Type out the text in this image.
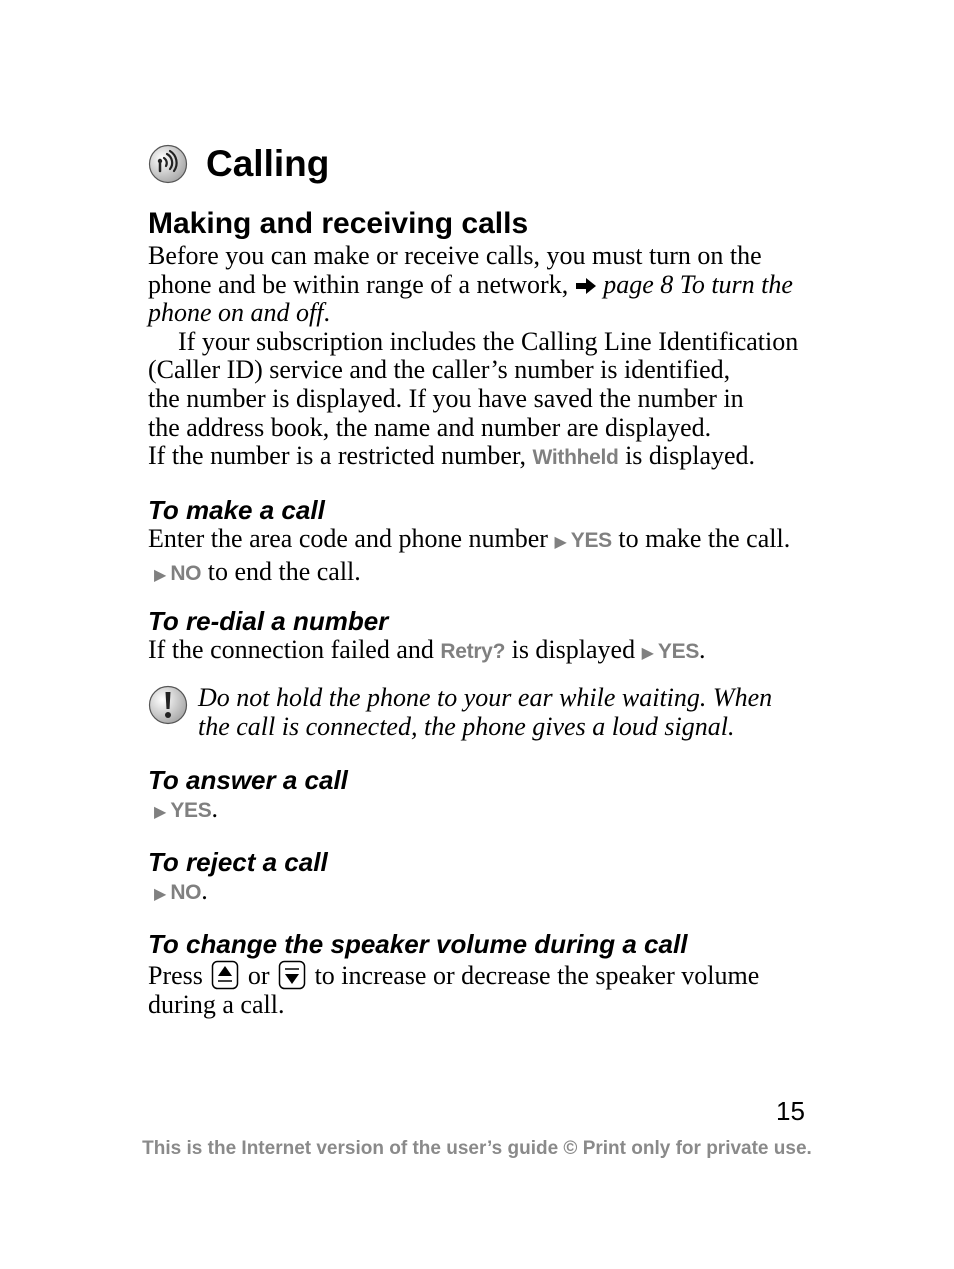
Calling
Making and receiving calls

Before you can make or receive calls, you must turn on the phone and be within range of a network, page 8 To turn the phone on and off.

If your subscription includes the Calling Line Identification

(Caller ID) service and the caller’s number is identified,

the number is displayed. If you have saved the number in

the address book, the name and number are displayed.

If the number is a restricted number, Withheld is displayed.

To make a call

Enter the area code and phone number ▶ YES to make the call.

▶ NO to end the call.

To re-dial a number

If the connection failed and Retry? is displayed ▶ YES.

Do not hold the phone to your ear while waiting. When
the call is connected, the phone gives a loud signal.
To answer a call
▶ YES.
To reject a call
▶ NO.
To change the speaker volume during a call

Press or to increase or decrease the speaker volume

during a call.

15
This is the Internet version of the user’s guide © Print only for private use.
